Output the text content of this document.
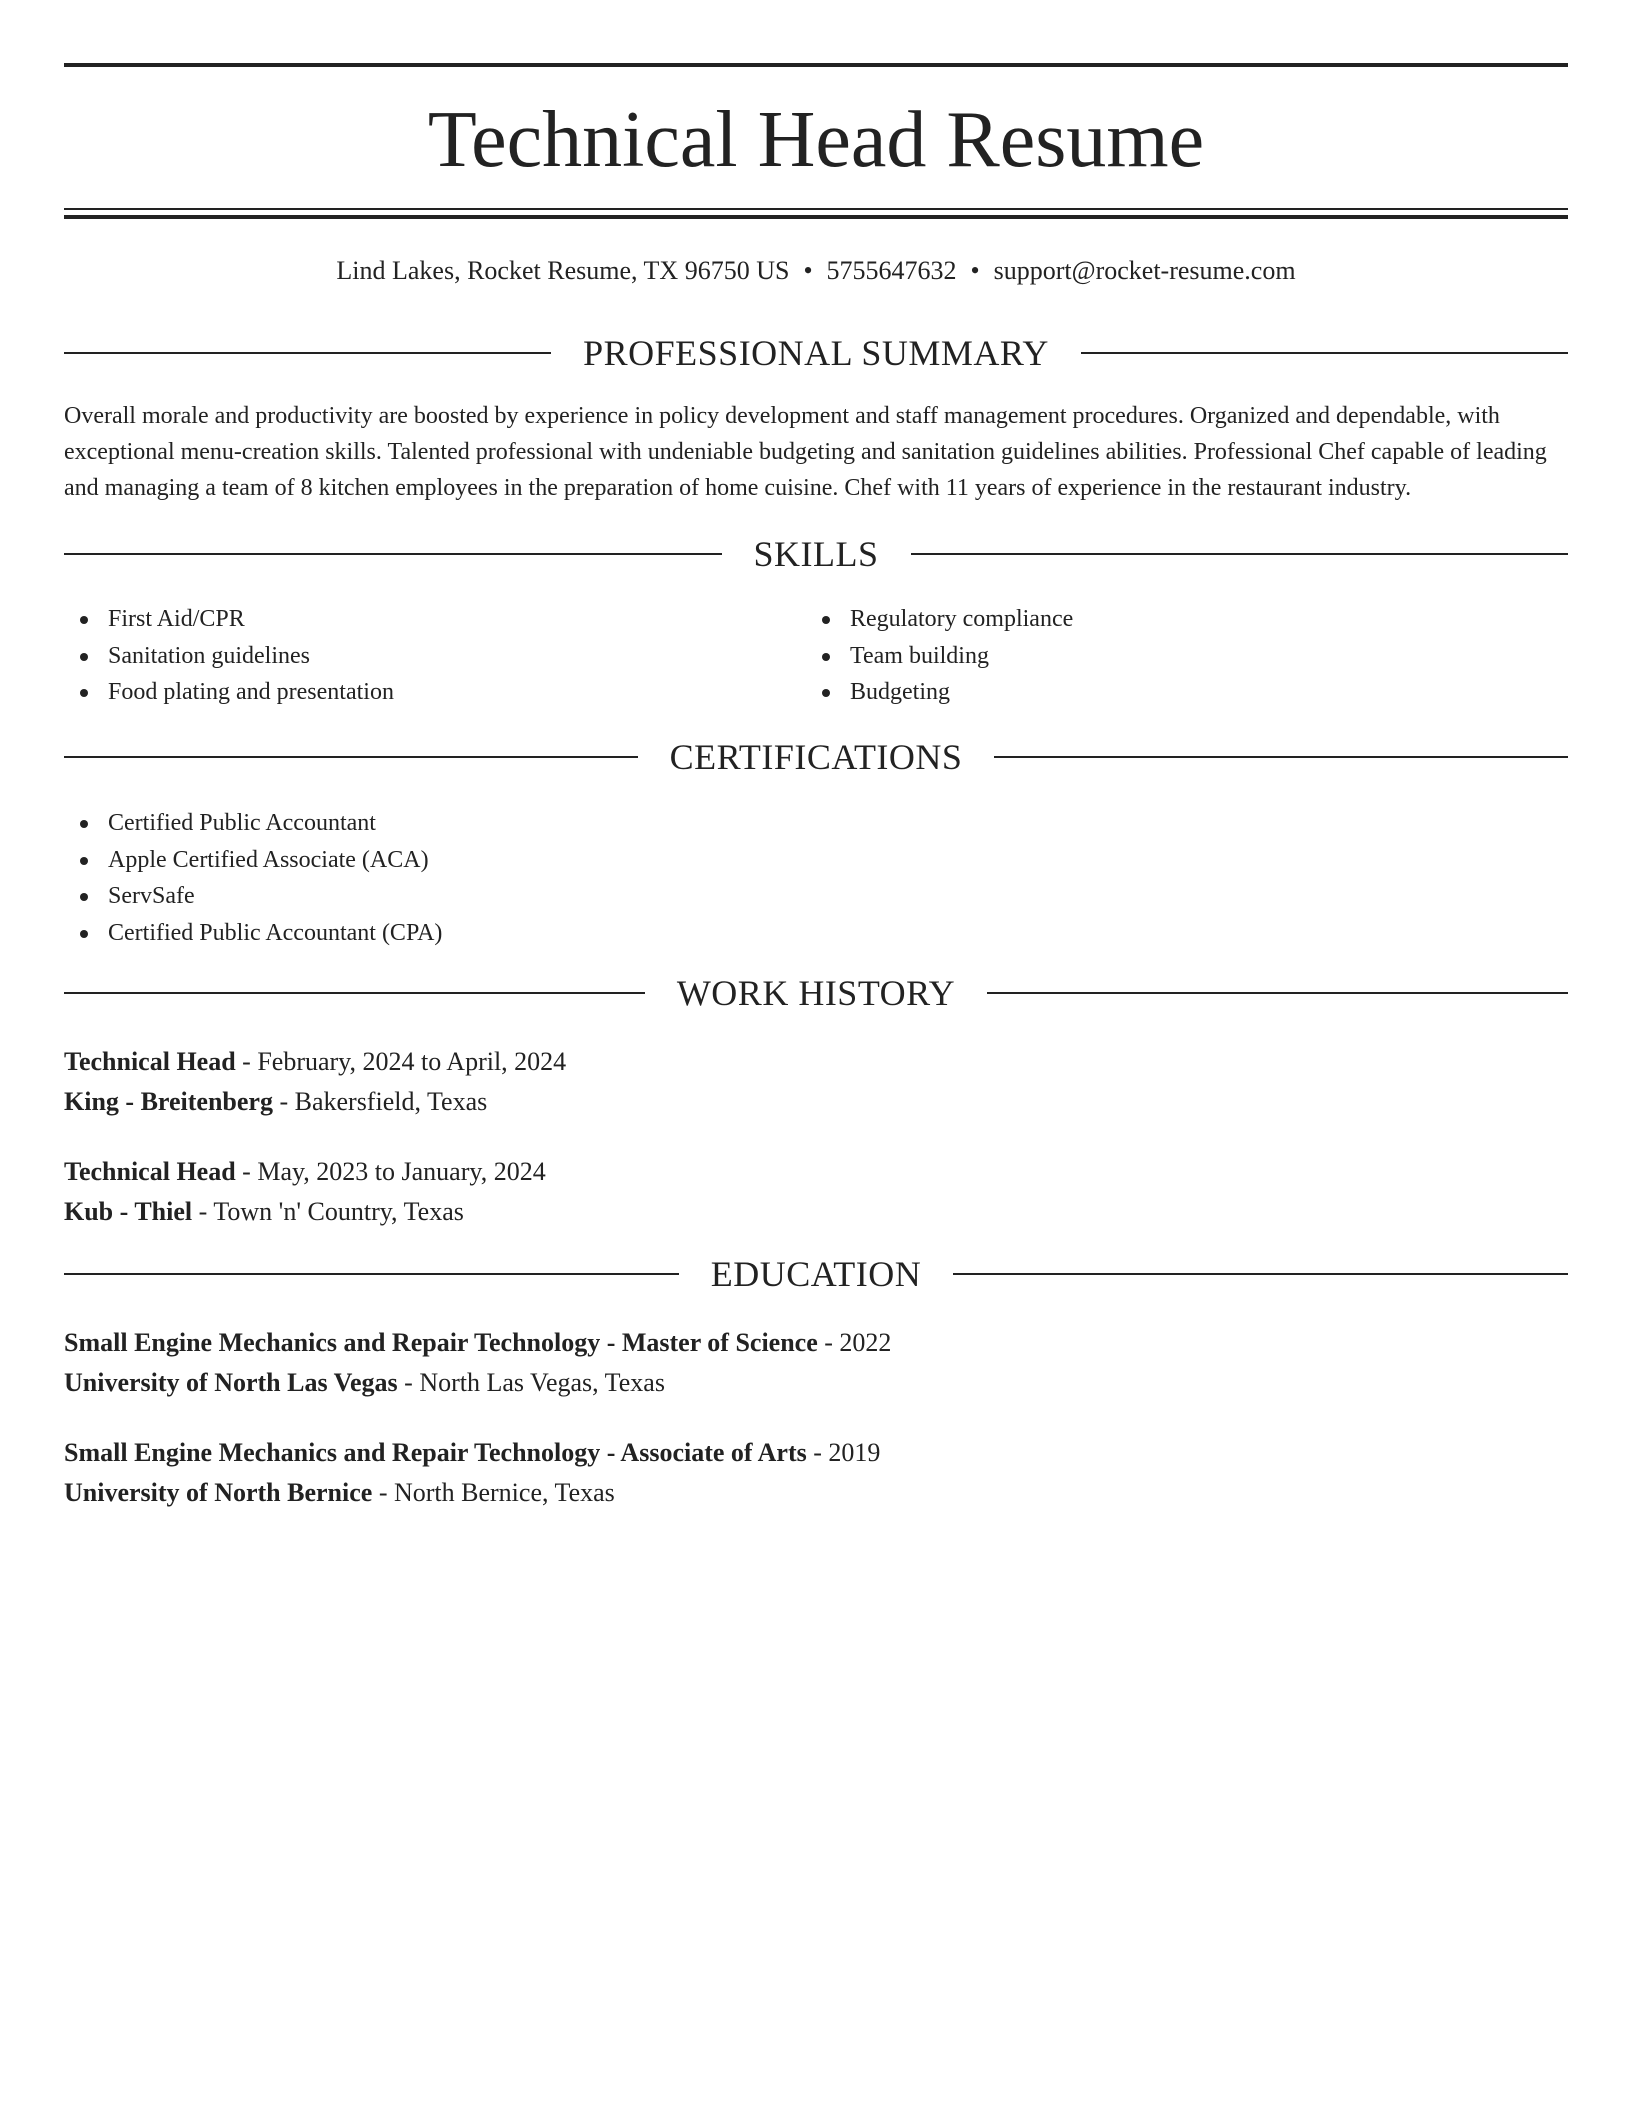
Technical Head Resume
Lind Lakes, Rocket Resume, TX 96750 US • 5755647632 • support@rocket-resume.com
PROFESSIONAL SUMMARY

Overall morale and productivity are boosted by experience in policy development and staff management procedures. Organized and dependable, with exceptional menu-creation skills. Talented professional with undeniable budgeting and sanitation guidelines abilities. Professional Chef capable of leading and managing a team of 8 kitchen employees in the preparation of home cuisine. Chef with 11 years of experience in the restaurant industry.

SKILLS
First Aid/CPR
Sanitation guidelines
Food plating and presentation
Regulatory compliance
Team building
Budgeting
CERTIFICATIONS
Certified Public Accountant
Apple Certified Associate (ACA)
ServSafe
Certified Public Accountant (CPA)
WORK HISTORY
Technical Head - February, 2024 to April, 2024
King - Breitenberg - Bakersfield, Texas
Technical Head - May, 2023 to January, 2024
Kub - Thiel - Town 'n' Country, Texas
EDUCATION
Small Engine Mechanics and Repair Technology - Master of Science - 2022
University of North Las Vegas - North Las Vegas, Texas
Small Engine Mechanics and Repair Technology - Associate of Arts - 2019
University of North Bernice - North Bernice, Texas
